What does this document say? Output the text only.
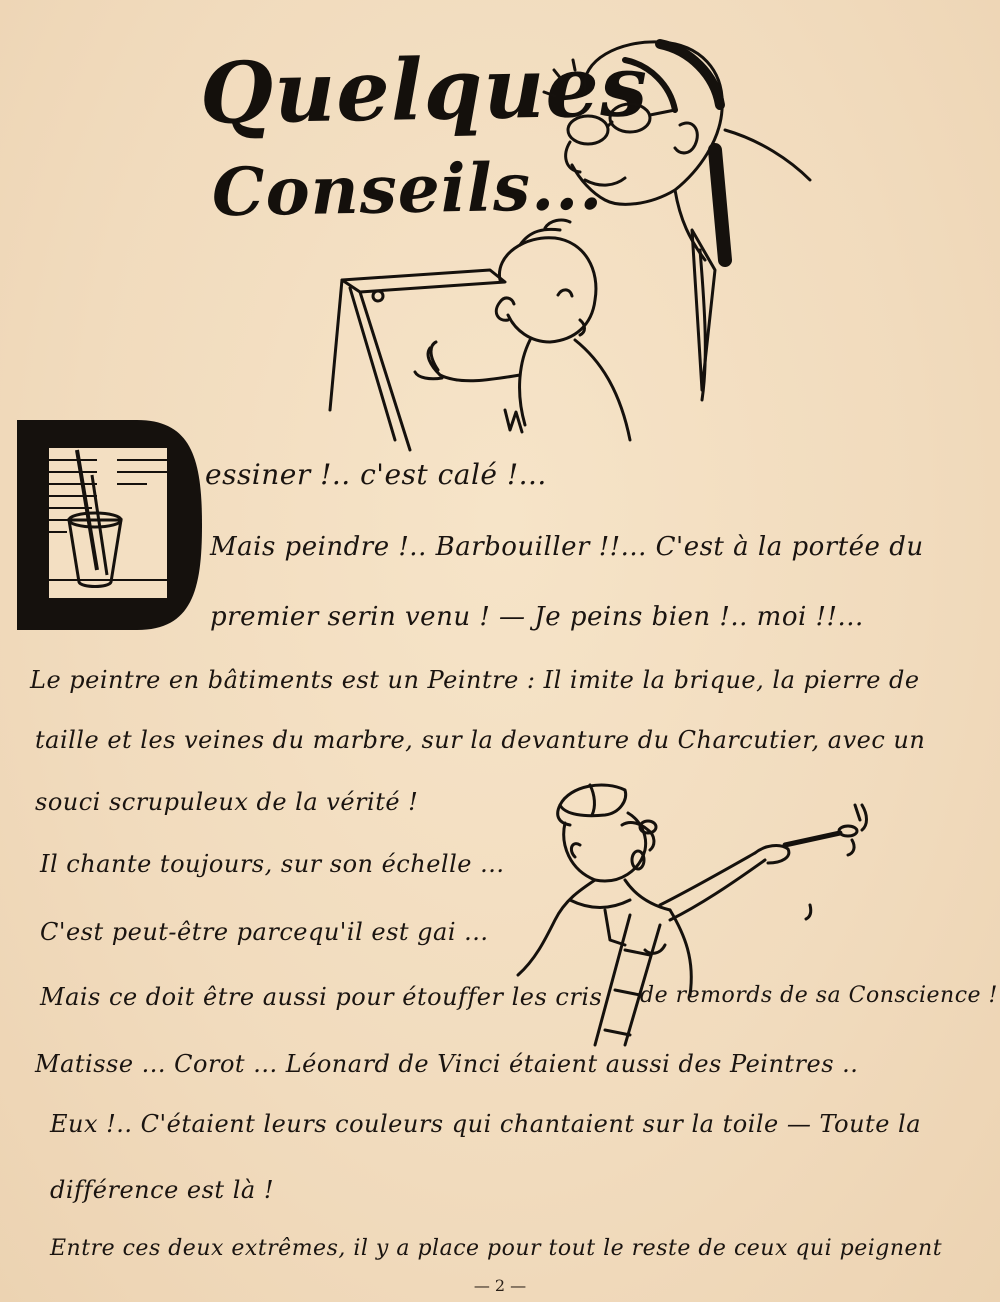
Quelques
Conseils...
essiner !.. c'est calé !...
Mais peindre !.. Barbouiller !!... C'est à la portée du
premier serin venu ! — Je peins bien !.. moi !!...
Le peintre en bâtiments est un Peintre : Il imite la brique, la pierre de
taille et les veines du marbre, sur la devanture du Charcutier, avec un
souci scrupuleux de la vérité !
Il chante toujours, sur son échelle ...
C'est peut-être parcequ'il est gai ...
Mais ce doit être aussi pour étouffer les cris de remords de sa Conscience !
Matisse ... Corot ... Léonard de Vinci étaient aussi des Peintres ..
Eux !.. C'étaient leurs couleurs qui chantaient sur la toile — Toute la
différence est là !
Entre ces deux extrêmes, il y a place pour tout le reste de ceux qui peignent
— 2 —
